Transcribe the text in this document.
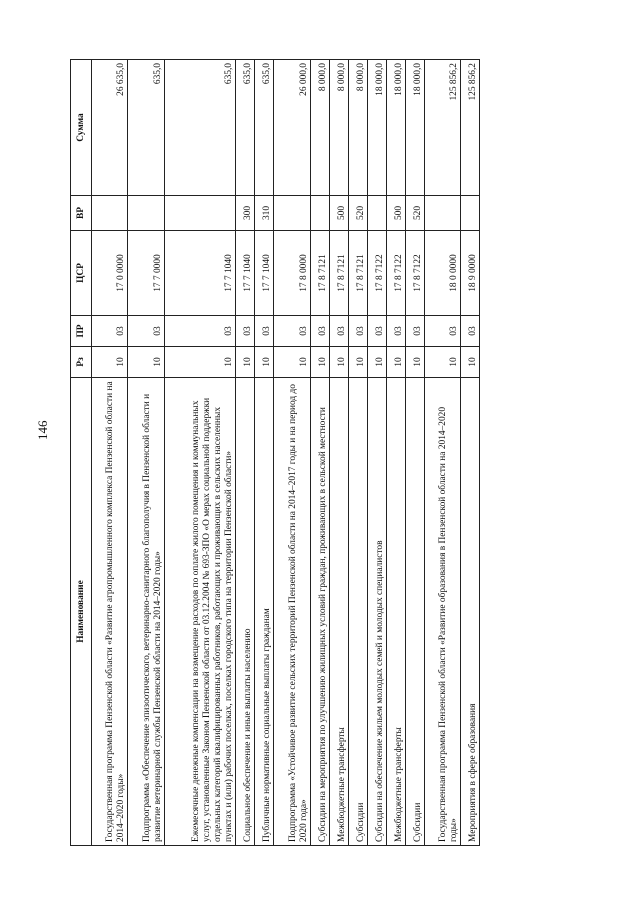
146
Наименование	Рз	ПР	ЦСР	ВР	Сумма
Государственная программа Пензенской области «Развитие агропромышленного комплекса Пензенской области на 2014–2020 годы»	10	03	17 0 0000		26 635,0
Подпрограмма «Обеспечение эпизоотического, ветеринарно-санитарного благополучия в Пензенской области и развитие ветеринарной службы Пензенской области на 2014–2020 годы»	10	03	17 7 0000		635,0
Ежемесячные денежные компенсации на возмещение расходов по оплате жилого помещения и коммунальных услуг, установленные Законом Пензенской области от 03.12.2004 № 693-ЗПО «О мерах социальной поддержки отдельных категорий квалифицированных работников, работающих и проживающих в сельских населенных пунктах и (или) рабочих поселках, поселках городского типа на территории Пензенской области»	10	03	17 7 1040		635,0
Социальное обеспечение и иные выплаты населению	10	03	17 7 1040	300	635,0
Публичные нормативные социальные выплаты гражданам	10	03	17 7 1040	310	635,0
Подпрограмма «Устойчивое развитие сельских территорий Пензенской области на 2014–2017 годы и на период до 2020 года»	10	03	17 8 0000		26 000,0
Субсидии на мероприятия по улучшению жилищных условий граждан, проживающих в сельской местности	10	03	17 8 7121		8 000,0
Межбюджетные трансферты	10	03	17 8 7121	500	8 000,0
Субсидии	10	03	17 8 7121	520	8 000,0
Субсидии на обеспечение жильем молодых семей и молодых специалистов	10	03	17 8 7122		18 000,0
Межбюджетные трансферты	10	03	17 8 7122	500	18 000,0
Субсидии	10	03	17 8 7122	520	18 000,0
Государственная программа Пензенской области «Развитие образования в Пензенской области на 2014–2020 годы»	10	03	18 0 0000		125 856,2
Мероприятия в сфере образования	10	03	18 9 0000		125 856,2
